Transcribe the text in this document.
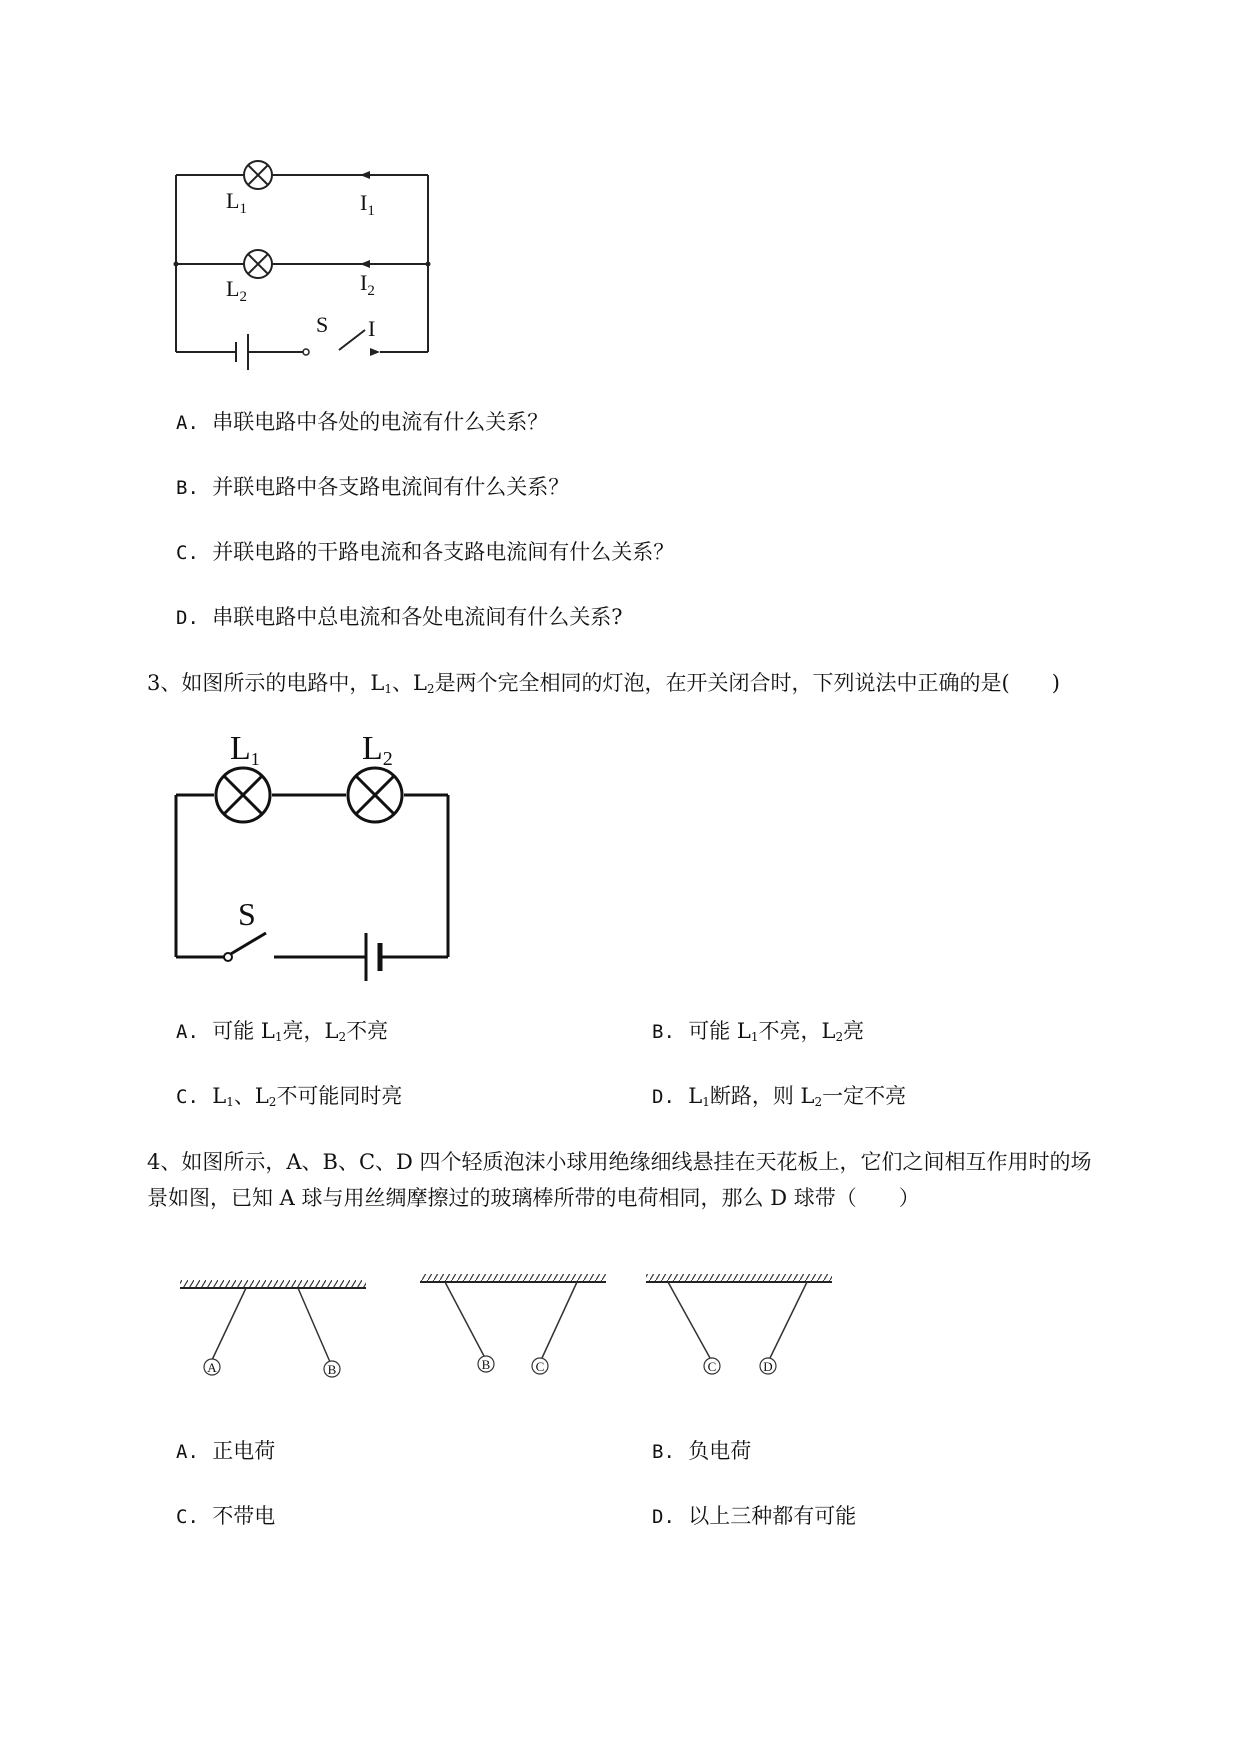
$L_1$	$I_1$
$L_2$
$I_2$
S I
A. 串联电路中各处的电流有什么关系？
B. 并联电路中各支路电流间有什么关系？
C. 并联电路的干路电流和各支路电流间有什么关系？
D. 串联电路中总电流和各处电流间有什么关系?
3、如图所示的电路中，$L_1$、$L_2$是两个完全相同的灯泡，在开关闭合时，下列说法中正确的是(　　)
L1	L2
S
A. 可能 $L_1$亮，$L_2$不亮	B. 可能 $L_1$不亮，$L_2$亮
C. $L_1$、$L_2$不可能同时亮	D. $L_1$断路，则 $L_2$一定不亮
4、如图所示，A、B、C、D 四个轻质泡沫小球用绝缘细线悬挂在天花板上，它们之间相互作用时的场
景如图，已知 A 球与用丝绸摩擦过的玻璃棒所带的电荷相同，那么 D 球带（　　）
A	B	B	C	C	D
A. 正电荷	B. 负电荷
C. 不带电	D. 以上三种都有可能
